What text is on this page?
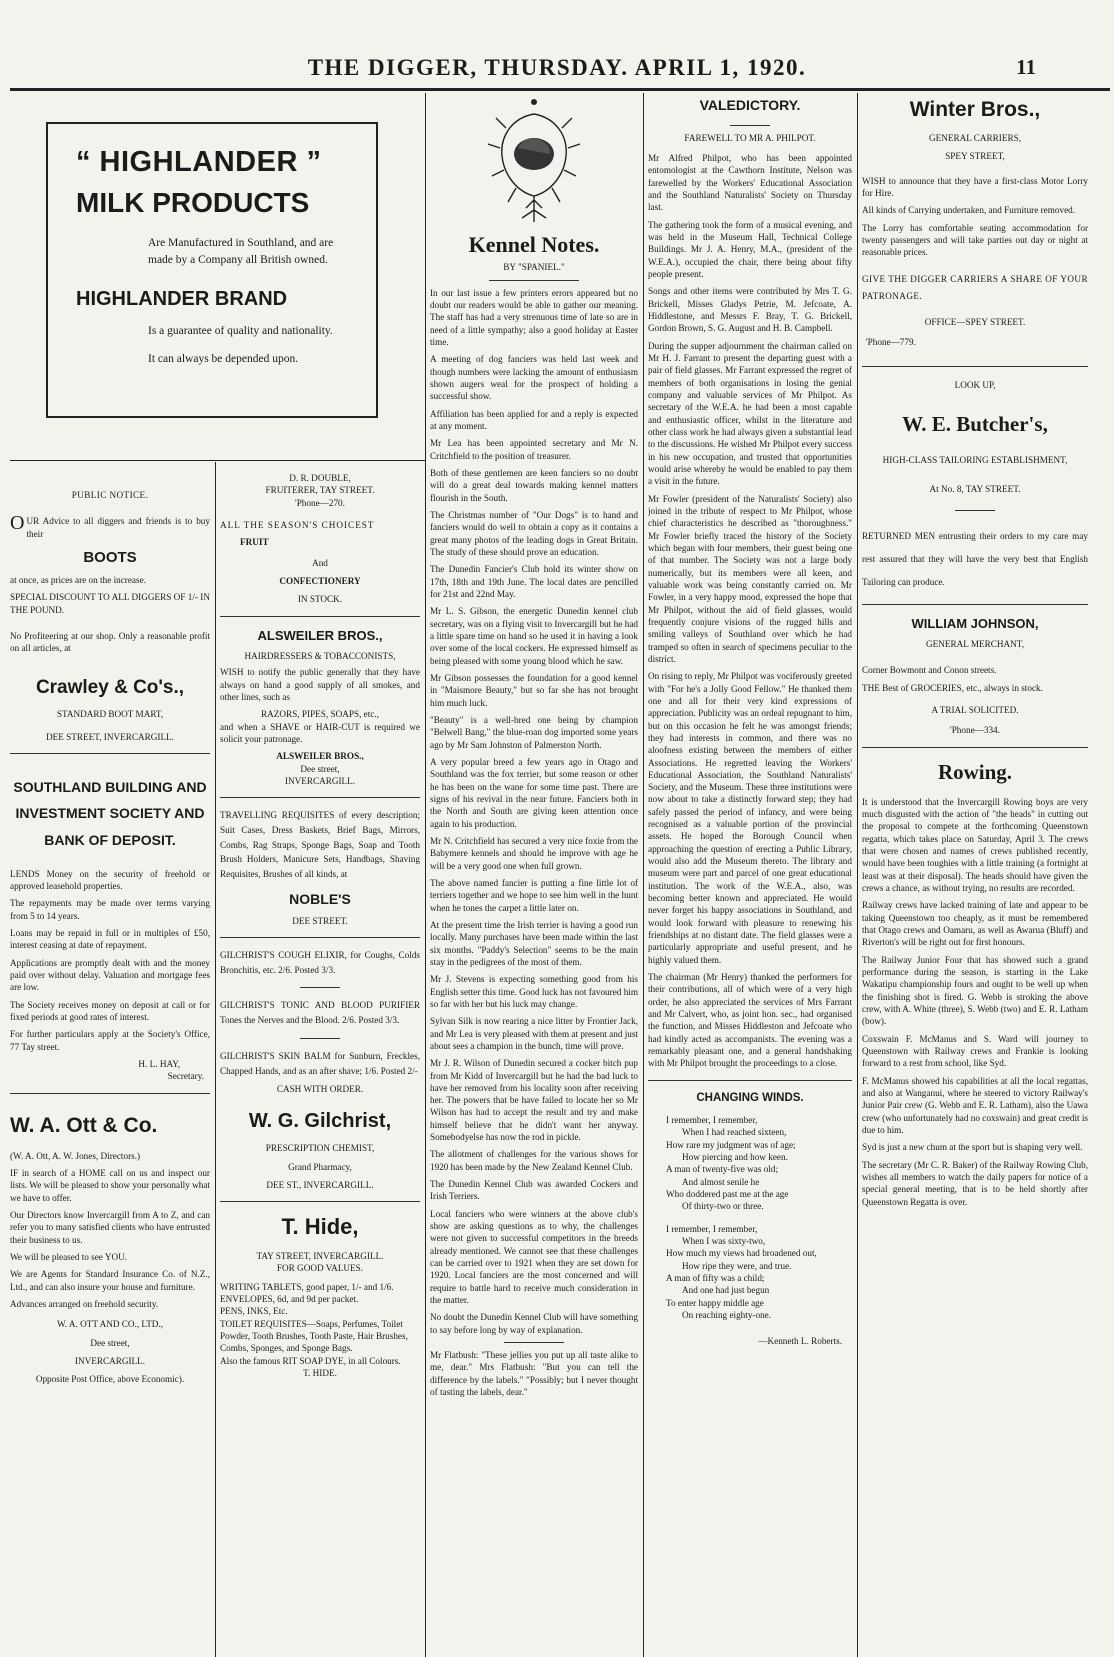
THE DIGGER, THURSDAY. APRIL 1, 1920.	11
“ HIGHLANDER ”
MILK PRODUCTS
Are Manufactured in Southland, and are made by a Company all British owned.
HIGHLANDER BRAND
Is a guarantee of quality and nationality.
It can always be depended upon.
PUBLIC NOTICE.

OUR Advice to all diggers and friends is to buy their

BOOTS

at once, as prices are on the increase.

SPECIAL DISCOUNT TO ALL DIGGERS OF 1/- IN THE POUND.

No Profiteering at our shop. Only a reasonable profit on all articles, at

Crawley & Co's.,
STANDARD BOOT MART,
DEE STREET, INVERCARGILL.
SOUTHLAND BUILDING AND INVESTMENT SOCIETY AND BANK OF DEPOSIT.

LENDS Money on the security of freehold or approved leasehold properties.

The repayments may be made over terms varying from 5 to 14 years.

Loans may be repaid in full or in multiples of £50, interest ceasing at date of repayment.

Applications are promptly dealt with and the money paid over without delay. Valuation and mortgage fees are low.

The Society receives money on deposit at call or for fixed periods at good rates of interest.

For further particulars apply at the Society's Office, 77 Tay street.

H. L. HAY,
Secretary.
W. A. Ott & Co.

(W. A. Ott, A. W. Jones, Directors.)

IF in search of a HOME call on us and inspect our lists. We will be pleased to show your personally what we have to offer.

Our Directors know Invercargill from A to Z, and can refer you to many satisfied clients who have entrusted their business to us.

We will be pleased to see YOU.

We are Agents for Standard Insurance Co. of N.Z., Ltd., and can also insure your house and furniture.

Advances arranged on freehold security.

W. A. OTT AND CO., LTD.,
Dee street,
INVERCARGILL.
Opposite Post Office, above Economic).
D. R. DOUBLE,
FRUITERER, TAY STREET.
'Phone—270.

ALL THE SEASON'S CHOICEST

FRUIT
And
CONFECTIONERY
IN STOCK.
ALSWEILER BROS.,
HAIRDRESSERS & TOBACCONISTS,

WISH to notify the public generally that they have always on hand a good supply of all smokes, and other lines, such as

RAZORS, PIPES, SOAPS, etc.,

and when a SHAVE or HAIR-CUT is required we solicit your patronage.

ALSWEILER BROS.,
Dee street,
INVERCARGILL.

TRAVELLING REQUISITES of every description; Suit Cases, Dress Baskets, Brief Bags, Mirrors, Combs, Rag Straps, Sponge Bags, Soap and Tooth Brush Holders, Manicure Sets, Handbags, Shaving Requisites, Brushes of all kinds, at

NOBLE'S
DEE STREET.

GILCHRIST'S COUGH ELIXIR, for Coughs, Colds Bronchitis, etc. 2/6. Posted 3/3.

GILCHRIST'S TONIC AND BLOOD PURIFIER Tones the Nerves and the Blood. 2/6. Posted 3/3.

GILCHRIST'S SKIN BALM for Sunburn, Freckles, Chapped Hands, and as an after shave; 1/6. Posted 2/-

CASH WITH ORDER.
W. G. Gilchrist,
PRESCRIPTION CHEMIST,
Grand Pharmacy,
DEE ST., INVERCARGILL.
T. Hide,
TAY STREET, INVERCARGILL.
FOR GOOD VALUES.
WRITING TABLETS, good paper, 1/- and 1/6.
ENVELOPES, 6d, and 9d per packet.
PENS, INKS, Etc.
TOILET REQUISITES—Soaps, Perfumes, Toilet Powder, Tooth Brushes, Tooth Paste, Hair Brushes, Combs, Sponges, and Sponge Bags.
Also the famous RIT SOAP DYE, in all Colours.
T. HIDE.
Kennel Notes.
BY "SPANIEL."

In our last issue a few printers errors appeared but no doubt our readers would be able to gather our meaning. The staff has had a very strenuous time of late so are in need of a little sympathy; also a good holiday at Easter time.

A meeting of dog fanciers was held last week and though numbers were lacking the amount of enthusiasm shown augers weal for the prospect of holding a successful show.

Affiliation has been applied for and a reply is expected at any moment.

Mr Lea has been appointed secretary and Mr N. Critchfield to the position of treasurer.

Both of these gentlemen are keen fanciers so no doubt will do a great deal towards making kennel matters flourish in the South.

The Christmas number of "Our Dogs" is to hand and fanciers would do well to obtain a copy as it contains a great many photos of the leading dogs in Great Britain. The study of these should prove an education.

The Dunedin Fancier's Club hold its winter show on 17th, 18th and 19th June. The local dates are pencilled for 21st and 22nd May.

Mr L. S. Gibson, the energetic Dunedin kennel club secretary, was on a flying visit to Invercargill but he had a little spare time on hand so he used it in having a look over some of the local cockers. He expressed himself as being pleased with some young blood which he saw.

Mr Gibson possesses the foundation for a good kennel in "Maismore Beauty," but so far she has not brought him much luck.

"Beauty" is a well-bred one being by champion "Belwell Bang," the blue-roan dog imported some years ago by Mr Sam Johnston of Palmerston North.

A very popular breed a few years ago in Otago and Southland was the fox terrier, but some reason or other he has been on the wane for some time past. There are signs of his revival in the near future. Fanciers both in the North and South are giving keen attention once again to his production.

Mr N. Critchfield has secured a very nice foxie from the Babymere kennels and should he improve with age he will be a very good one when full grown.

The above named fancier is putting a fine little lot of terriers together and we hope to see him well in the hunt when he tones the carpet a little later on.

At the present time the Irish terrier is having a good run locally. Many purchases have been made within the last six months. "Paddy's Selection" seems to be the main stay in the pedigrees of the most of them.

Mr J. Stevens is expecting something good from his English setter this time. Good luck has not favoured him so far with her but his luck may change.

Sylvan Silk is now rearing a nice litter by Frontier Jack, and Mr Lea is very pleased with them at present and just about sees a champion in the bunch, time will prove.

Mr J. R. Wilson of Dunedin secured a cocker bitch pup from Mr Kidd of Invercargill but he had the bad luck to have her removed from his locality soon after receiving her. The powers that be have failed to locate her so Mr Wilson has had to accept the result and try and make himself believe that he didn't want her anyway. Somebodyelse has now the rod in pickle.

The allotment of challenges for the various shows for 1920 has been made by the New Zealand Kennel Club.

The Dunedin Kennel Club was awarded Cockers and Irish Terriers.

Local fanciers who were winners at the above club's show are asking questions as to why, the challenges were not given to successful competitors in the breeds already mentioned. We cannot see that these challenges can be carried over to 1921 when they are set down for 1920. Local fanciers are the most concerned and will require to battle hard to receive much consideration in the matter.

No doubt the Dunedin Kennel Club will have something to say before long by way of explanation.

Mr Flatbush: "These jellies you put up all taste alike to me, dear." Mrs Flatbush: "But you can tell the difference by the labels." "Possibly; but I never thought of tasting the labels, dear."

VALEDICTORY.
FAREWELL TO MR A. PHILPOT.

Mr Alfred Philpot, who has been appointed entomologist at the Cawthorn Institute, Nelson was farewelled by the Workers' Educational Association and the Southland Naturalists' Society on Thursday last.

The gathering took the form of a musical evening, and was held in the Museum Hall, Technical College Buildings. Mr J. A. Henry, M.A., (president of the W.E.A.), occupied the chair, there being about fifty people present.

Songs and other items were contributed by Mrs T. G. Brickell, Misses Gladys Petrie, M. Jefcoate, A. Hiddlestone, and Messrs F. Bray, T. G. Brickell, Gordon Brown, S. G. August and H. B. Campbell.

During the supper adjournment the chairman called on Mr H. J. Farrant to present the departing guest with a pair of field glasses. Mr Farrant expressed the regret of members of both organisations in losing the genial company and valuable services of Mr Philpot. As secretary of the W.E.A. he had been a most capable and enthusiastic officer, whilst in the literature and other class work he had always given a substantial lead to the discussions. He wished Mr Philpot every success in his new occupation, and trusted that opportunities would arise whereby he would be enabled to pay them a visit in the future.

Mr Fowler (president of the Naturalists' Society) also joined in the tribute of respect to Mr Philpot, whose chief characteristics he described as "thoroughness." Mr Fowler briefly traced the history of the Society which began with four members, their guest being one of that number. The Society was not a large body numerically, but its members were all keen, and valuable work was being constantly carried on. Mr Fowler, in a very happy mood, expressed the hope that Mr Philpot, without the aid of field glasses, would frequently conjure visions of the rugged hills and smiling valleys of Southland over which he had tramped so often in search of specimens peculiar to the district.

On rising to reply, Mr Philpot was vociferously greeted with "For he's a Jolly Good Fellow." He thanked them one and all for their very kind expressions of appreciation. Publicity was an ordeal repugnant to him, but on this occasion he felt he was amongst friends; they had interests in common, and there was no aloofness existing between the members of either Associations. He regretted leaving the Workers' Educational Association, the Southland Naturalists' Society, and the Museum. These three institutions were now about to take a distinctly forward step; they had safely passed the period of infancy, and were being recognised as a valuable portion of the provincial assets. He hoped the Borough Council when approaching the question of erecting a Public Library, would also add the Museum thereto. The library and museum were part and parcel of one great educational institution. The work of the W.E.A., also, was becoming better known and appreciated. He would never forget his happy associations in Southland, and would look forward with pleasure to renewing his friendships at no distant date. The field glasses were a particularly appropriate and useful present, and he highly valued them.

The chairman (Mr Henry) thanked the performers for their contributions, all of which were of a very high order, he also appreciated the services of Mrs Farrant and Mr Calvert, who, as joint hon. sec., had organised the function, and Misses Hiddleston and Jefcoate who had kindly acted as accompanists. The evening was a remarkably pleasant one, and a general handshaking with Mr Philpot brought the proceedings to a close.

CHANGING WINDS.
I remember, I remember,
When I had reached sixteen,
How rare my judgment was of age;
How piercing and how keen.
A man of twenty-five was old;
And almost senile he
Who doddered past me at the age
Of thirty-two or three.
I remember, I remember,
When I was sixty-two,
How much my views had broadened out,
How ripe they were, and true.
A man of fifty was a child;
And one had just begun
To enter happy middle age
On reaching eighty-one.
—Kenneth L. Roberts.
Winter Bros.,
GENERAL CARRIERS,
SPEY STREET,

WISH to announce that they have a first-class Motor Lorry for Hire.

All kinds of Carrying undertaken, and Furniture removed.

The Lorry has comfortable seating accommodation for twenty passengers and will take parties out day or night at reasonable prices.

GIVE THE DIGGER CARRIERS A SHARE OF YOUR PATRONAGE.

OFFICE—SPEY STREET.
'Phone—779.
LOOK UP,
W. E. Butcher's,
HIGH-CLASS TAILORING ESTABLISHMENT,
At No. 8, TAY STREET.

RETURNED MEN entrusting their orders to my care may rest assured that they will have the very best that English Tailoring can produce.

WILLIAM JOHNSON,
GENERAL MERCHANT,

Corner Bowmont and Conon streets.

THE Best of GROCERIES, etc., always in stock.

A TRIAL SOLICITED.
'Phone—334.
Rowing.

It is understood that the Invercargill Rowing boys are very much disgusted with the action of "the heads" in cutting out the proposal to compete at the forthcoming Queenstown regatta, which takes place on Saturday, April 3. The crews that were chosen and names of crews published recently, would have been toughies with a little training (a fortnight at least was at their disposal). The heads should have given the crews a chance, as without trying, no results are recorded.

Railway crews have lacked training of late and appear to be taking Queenstown too cheaply, as it must be remembered that Otago crews and Oamaru, as well as Awarua (Bluff) and Riverton's will be right out for first honours.

The Railway Junior Four that has showed such a grand performance during the season, is starting in the Lake Wakatipu championship fours and ought to be well up when the finishing shot is fired. G. Webb is stroking the above crew, with A. White (three), S. Webb (two) and E. R. Latham (bow).

Coxswain F. McManus and S. Ward will journey to Queenstown with Railway crews and Frankie is looking forward to a rest from school, like Syd.

F. McManus showed his capabilities at all the local regattas, and also at Wanganui, where he steered to victory Railway's Junior Pair crew (G. Webb and E. R. Latham), also the Uawa crew (who unfortunately had no coxswain) and great credit is due to him.

Syd is just a new chum at the sport but is shaping very well.

The secretary (Mr C. R. Baker) of the Railway Rowing Club, wishes all members to watch the daily papers for notice of a special general meeting, that is to be held shortly after Queenstown Regatta is over.
